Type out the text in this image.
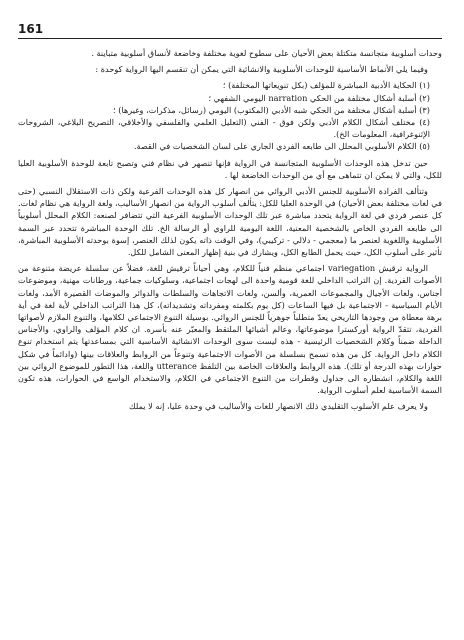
161

وحدات أسلوبية متجانسة متكتلة بعض الأحيان على سطوح لغوية مختلفة وخاضعة لأنساق أسلوبية متباينة .

وفيما يلي الأنماط الأساسية للوحدات الأسلوبية والانشائية التي يمكن أن تنقسم اليها الرواية كوحدة :

(١) الحكاية الأدبية المباشرة للمؤلف (بكل تنويعاتها المختلفة) ؛
(٢) أسلبة أشكال مختلفة من الحكي narration اليومي الشفهي ؛
(٣) أسلبة أشكال مختلفة من الحكي شبه الأدبي (المكتوب) اليومي (رسائل، مذكرات، وغيرها) ؛
(٤) مختلف أشكال الكلام الأدبي ولكن فوق - الفني (التعليل العلمي والفلسفي والأخلاقي، التصريح البلاغي، الشروحات الإثنوغرافية، المعلومات الخ).
(٥) الكلام الأسلوبي المحلل الى طابعه الفردي الجاري على لسان الشخصيات في القصة.

حين تدخل هذه الوحدات الأسلوبية المتجانسة في الرواية فإنها تنصهر في نظام فني وتصبح تابعة للوحدة الأسلوبية العليا للكل، والتي لا يمكن ان تتماهى مع أي من الوحدات الخاضعة لها .

وتتألف الفرادة الأسلوبية للجنس الأدبي الروائي من انصهار كل هذه الوحدات الفرعية ولكن ذات الاستقلال النسبي (حتى في لغات مختلفة بعض الأحيان) في الوحدة العليا للكل: يتألف أسلوب الرواية من انصهار الأساليب، ولغة الرواية هي نظام لغات. كل عنصر فردي في لغة الرواية يتحدد مباشرة عبر تلك الوحدات الأسلوبية الفرعية التي تتضافر لصنعه: الكلام المحلل أسلوبياً الى طابعه الفردي الخاص بالشخصية المعنية، اللغة اليومية للراوي أو الرسالة الخ. تلك الوحدة المباشرة تتحدد عبر السمة الأسلوبية واللغوية لعنصر ما (معجمي - دلالي - تركيبي)، وفي الوقت ذاته يكون لذلك العنصر، إسوة بوحدته الأسلوبية المباشرة، تأثير على أسلوب الكل، حيث يحمل الطابع الكل، ويشارك في بنية إظهار المعنى الشامل للكل.

الرواية ترقيش variegation اجتماعي منظم فنياً للكلام، وهي أحياناً ترقيش للغة، فضلاً عن سلسلة عريضة متنوعة من الأصوات الفردية. إن التراتب الداخلي للغة قومية واحدة الى لهجات اجتماعية، وسلوكيات جماعية، ورطانات مهنية، وموضوعات أجناس، ولغات الأجيال والمجموعات العمرية، وألسن، ولغات الاتجاهات والسلطات والدوائر والموضات القصيرة الأمد، ولغات الأيام السياسية - الاجتماعية بل فيها الساعات (كل يوم بكلمته ومفرداته وتشديداته)، كل هذا التراتب الداخلي لأية لغة في أية برهة معطاة من وجودها التاريخي يعدّ متطلباً جوهرياً للجنس الروائي. بوسيلة التنوع الاجتماعي لكلامها، والتنوع الملازم لأصواتها الفردية، تتقدّ الرواية أوركسترا موضوعاتها، وعالم أشيائها الملتقط والمعبّر عنه بأسره. ان كلام المؤلف والراوي، والأجناس الداخلة ضمناً وكلام الشخصيات الرئيسية - هذه ليست سوى الوحدات الانشائية الأساسية التي بمساعدتها يتم استخدام تنوع الكلام داخل الرواية. كل من هذه تسمح بسلسلة من الأصوات الاجتماعية وتنوعاً من الروابط والعلاقات بينها (وادائماً في شكل حوارات بهذه الدرجة أو تلك). هذه الروابط والعلاقات الخاصة بين التلفظ utterance واللغة، هذا التطور للموضوع الروائي بين اللغة والكلام، انشطاره الى جداول وقطرات من التنوع الاجتماعي في الكلام، والاستخدام الواسع في الحوارات، هذه تكون السمة الأساسية لعلم أسلوب الرواية.

ولا يعرف علم الأسلوب التقليدي ذلك الانصهار للغات والأساليب في وحدة عليا، إنه لا يملك
